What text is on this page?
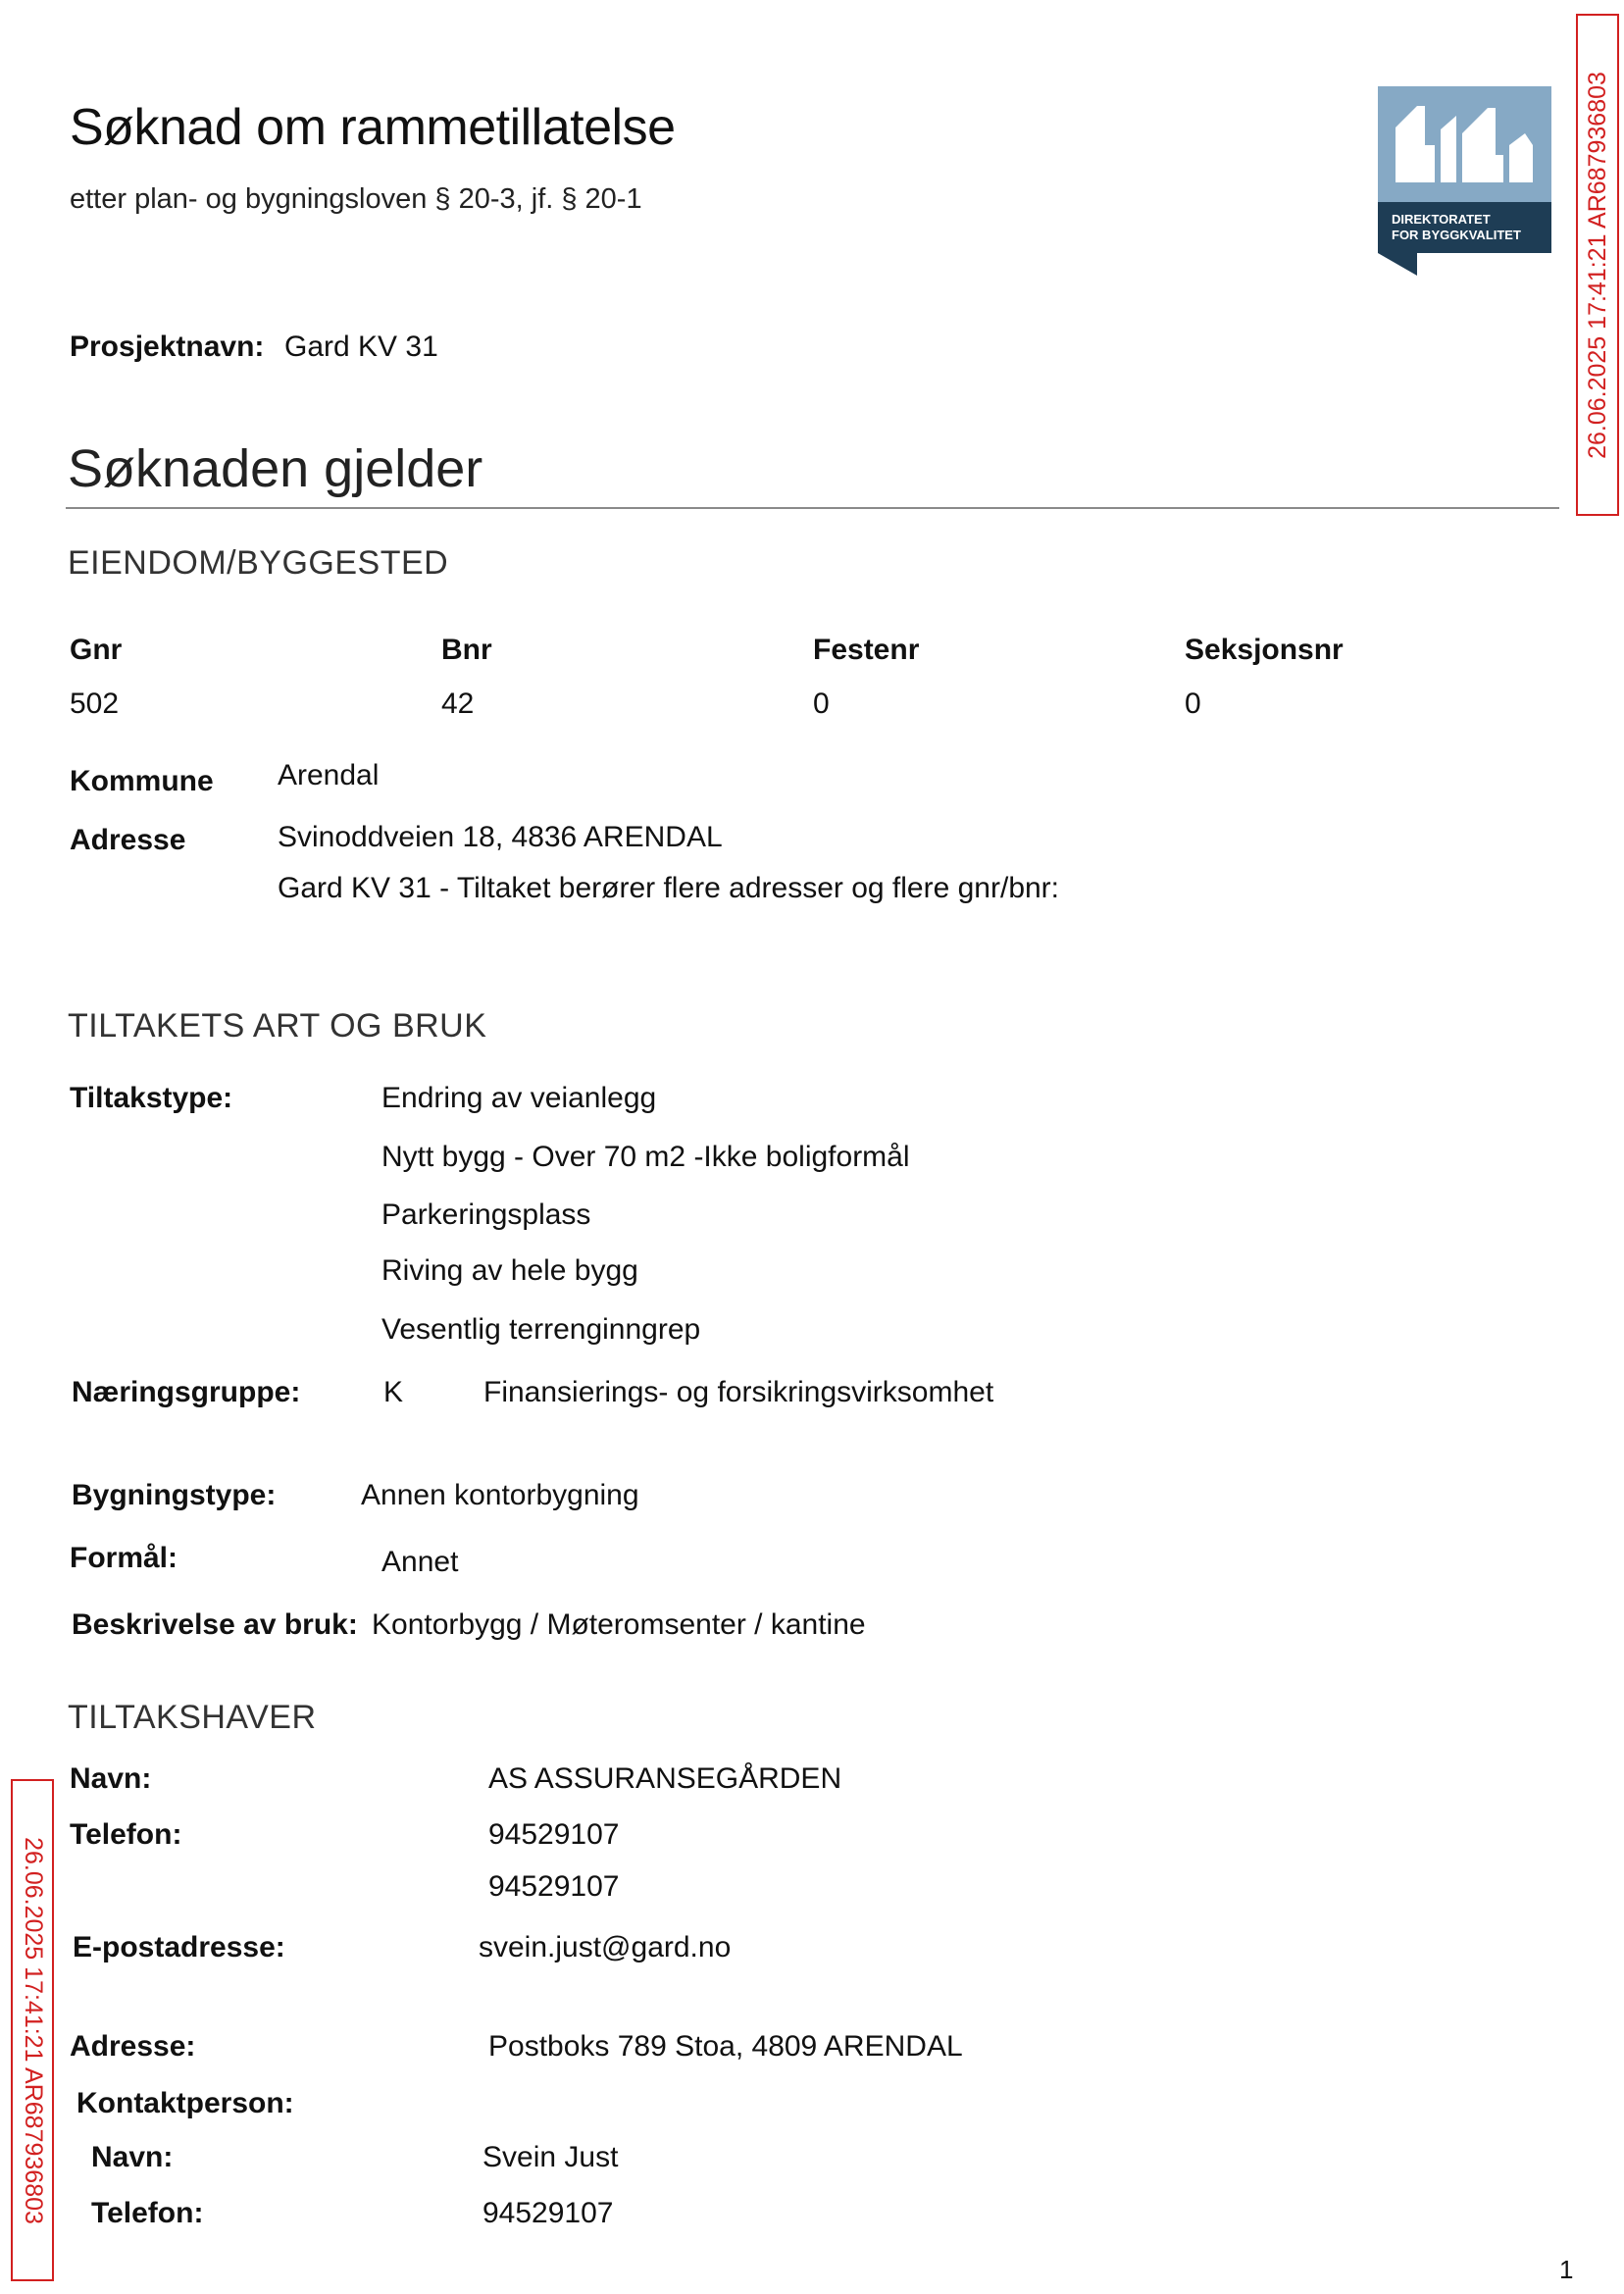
Søknad om rammetillatelse
etter plan- og bygningsloven § 20-3, jf. § 20-1
DIREKTORATET
FOR BYGGKVALITET	26.06.2025 17:41:21 AR687936803
26.06.2025 17:41:21 AR687936803
Prosjektnavn: Gard KV 31
Søknaden gjelder
EIENDOM/BYGGESTED
Gnr	Bnr	Festenr	Seksjonsnr
502	42	0	0
Kommune Arendal
Adresse	Svinoddveien 18, 4836 ARENDAL
Gard KV 31 - Tiltaket berører flere adresser og flere gnr/bnr:
TILTAKETS ART OG BRUK
Tiltakstype:	Endring av veianlegg
Nytt bygg - Over 70 m2 -Ikke boligformål
Parkeringsplass
Riving av hele bygg
Vesentlig terrenginngrep
Næringsgruppe:	K	Finansierings- og forsikringsvirksomhet
Bygningstype:	Annen kontorbygning
Formål:	Annet
Beskrivelse av bruk: Kontorbygg / Møteromsenter / kantine
TILTAKSHAVER
Navn:	AS ASSURANSEGÅRDEN
Telefon:	94529107
94529107
E-postadresse:	svein.just@gard.no
Adresse:	Postboks 789 Stoa, 4809 ARENDAL
Kontaktperson:
Navn:	Svein Just
Telefon:	94529107
1
